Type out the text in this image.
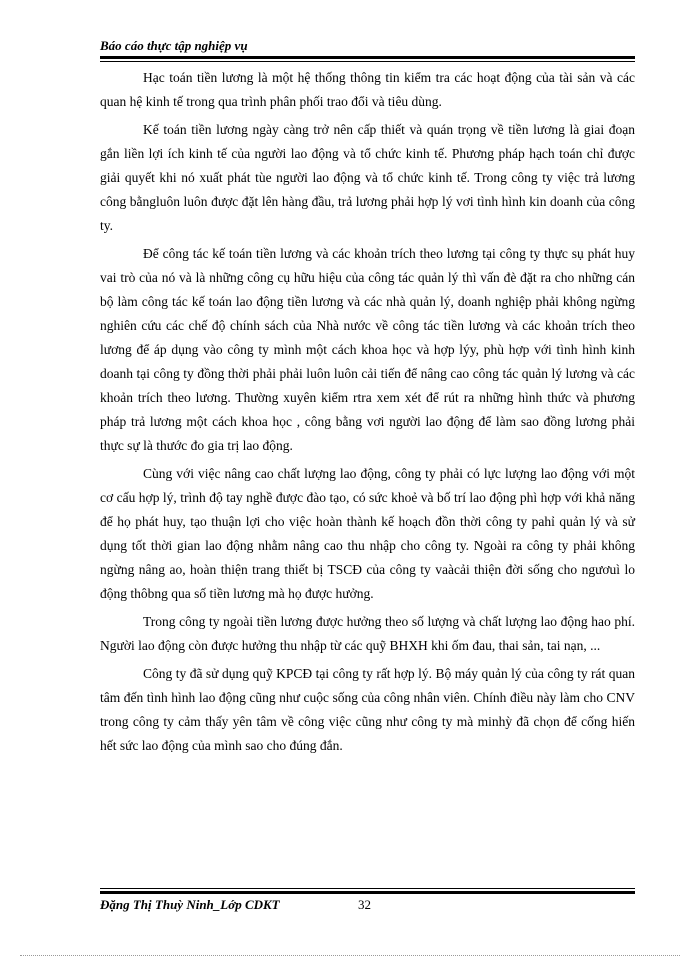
Báo cáo thực tập nghiệp vụ

Hạc toán tiền lương là một hệ thống thông tin kiểm tra các hoạt động của tài sản và các quan hệ kinh tế trong qua trình phân phối trao đổi và tiêu dùng.

Kế toán tiền lương ngày càng trở nên cấp thiết và quán trọng về tiền lương là giai đoạn gắn liền lợi ích kinh tế của người lao động và tổ chức kinh tế. Phương pháp hạch toán chỉ được giải quyết khi nó xuất phát tùe người lao động và tổ chức kinh tế. Trong công ty việc trả lương công bằngluôn luôn được đặt lên hàng đầu, trả lương phải hợp lý vơi tình hình kin doanh của công ty.

Để công tác kế toán tiền lương và các khoản trích theo lương tại công ty thực sụ phát huy vai trò của nó và là những công cụ hữu hiệu của công tác quản lý thì vấn đè đặt ra cho những cán bộ làm công tác kế toán lao động tiền lương và các nhà quản lý, doanh nghiệp phải không ngừng nghiên cứu các chế độ chính sách của Nhà nước về công tác tiền lương và các khoản trích theo lương để áp dụng vào công ty mình một cách khoa học và hợp lýy, phù hợp với tình hình kinh doanh tại công ty đồng thời phải phải luôn luôn cải tiến để nâng cao công tác quản lý lương và các khoản trích theo lương. Thường xuyên kiểm rtra xem xét để rút ra những hình thức và phương pháp trả lương một cách khoa học , công bằng vơi người lao động để làm sao đồng lương phải thực sự là thước đo gia trị lao động.

Cùng với việc nâng cao chất lượng lao động, công ty phải có lực lượng lao động với một cơ cấu hợp lý, trình độ tay nghề được đào tạo, có sức khoẻ và bố trí lao động phì hợp với khả năng để họ phát huy, tạo thuận lợi cho việc hoàn thành kế hoạch đồn thời công ty pahỉ quản lý và sử dụng tốt thời gian lao động nhằm nâng cao thu nhập cho công ty. Ngoài ra công ty phải không ngừng nâng ao, hoàn thiện trang thiết bị TSCĐ của công ty vaàcải thiện đời sống cho ngươuì lo động thôbng qua số tiền lương mà họ được hưởng.

Trong công ty ngoài tiền lương được hưởng theo số lượng và chất lượng lao động hao phí. Người lao động còn được hưởng thu nhập từ các quỹ BHXH khi ốm đau, thai sản, tai nạn, ...

Công ty đã sử dụng quỹ KPCĐ tại công ty rất hợp lý. Bộ máy quản lý của công ty rát quan tâm đến tình hình lao động cũng như cuộc sống của công nhân viên. Chính điều này làm cho CNV trong công ty cảm thấy yên tâm về công việc cũng như công ty mà minhỳ đã chọn để cống hiến hết sức lao động của mình sao cho đúng đắn.

Đặng Thị Thuỳ Ninh_Lớp CDKT	32
